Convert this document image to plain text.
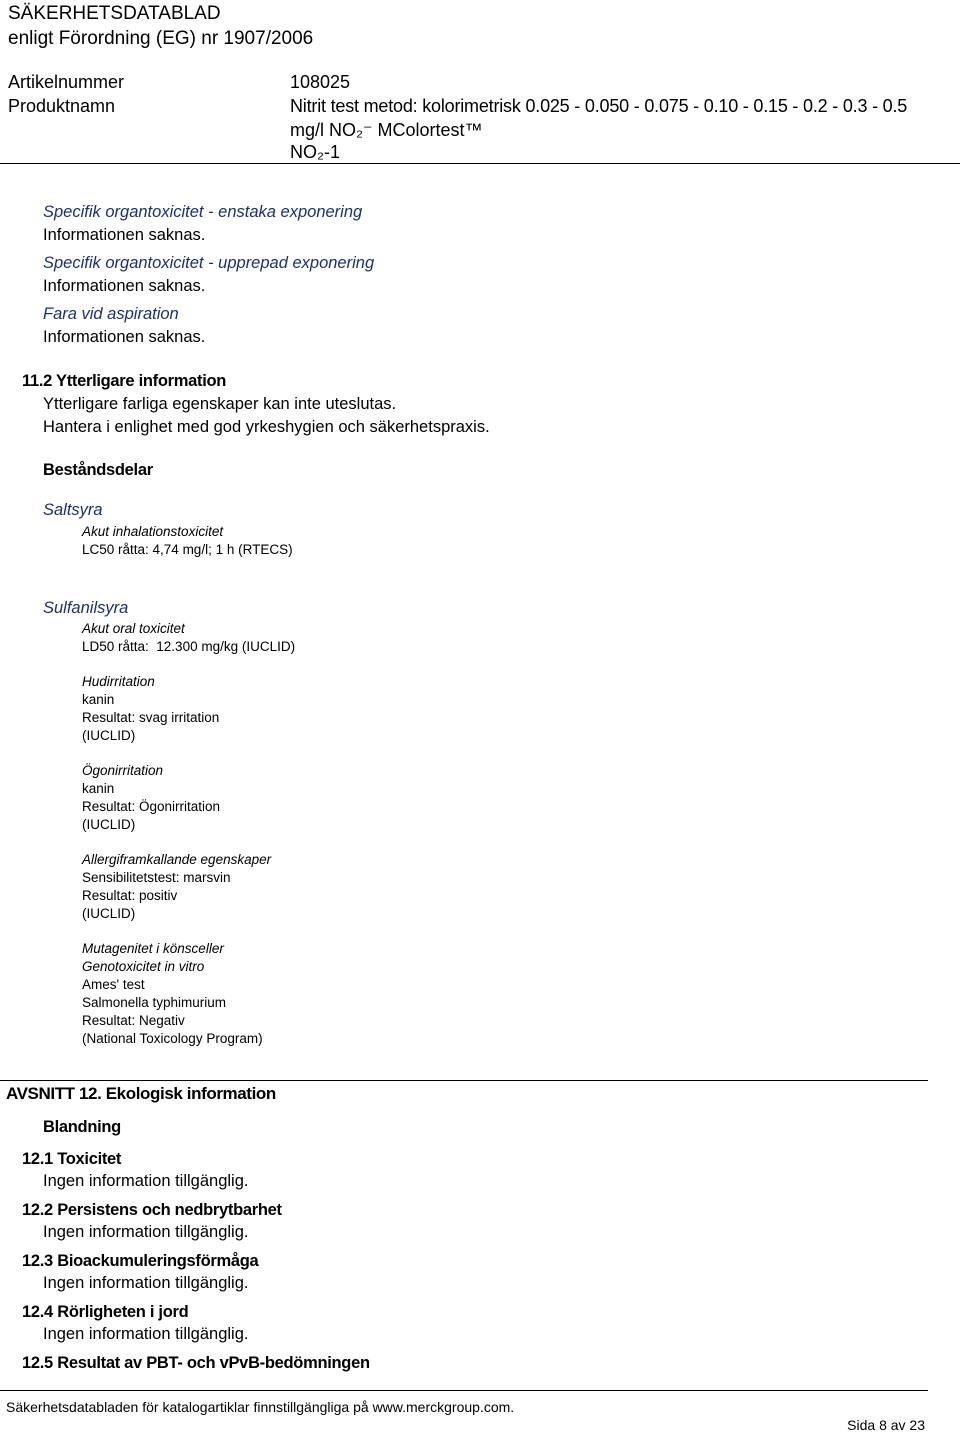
SÄKERHETSDATABLAD
enligt Förordning (EG) nr 1907/2006
Artikelnummer	108025
Produktnamn	Nitrit test metod: kolorimetrisk 0.025 - 0.050 - 0.075 - 0.10 - 0.15 - 0.2 - 0.3 - 0.5
mg/l NO₂⁻ MColortest™
NO₂-1
Specifik organtoxicitet - enstaka exponering
Informationen saknas.
Specifik organtoxicitet - upprepad exponering
Informationen saknas.
Fara vid aspiration
Informationen saknas.
11.2 Ytterligare information
Ytterligare farliga egenskaper kan inte uteslutas.
Hantera i enlighet med god yrkeshygien och säkerhetspraxis.
Beståndsdelar
Saltsyra
Akut inhalationstoxicitet
LC50 råtta: 4,74 mg/l; 1 h (RTECS)
Sulfanilsyra
Akut oral toxicitet
LD50 råtta:  12.300 mg/kg (IUCLID)
Hudirritation
kanin
Resultat: svag irritation
(IUCLID)
Ögonirritation
kanin
Resultat: Ögonirritation
(IUCLID)
Allergiframkallande egenskaper
Sensibilitetstest: marsvin
Resultat: positiv
(IUCLID)
Mutagenitet i könsceller
Genotoxicitet in vitro
Ames' test
Salmonella typhimurium
Resultat: Negativ
(National Toxicology Program)
AVSNITT 12. Ekologisk information
Blandning
12.1 Toxicitet
Ingen information tillgänglig.
12.2 Persistens och nedbrytbarhet
Ingen information tillgänglig.
12.3 Bioackumuleringsförmåga
Ingen information tillgänglig.
12.4 Rörligheten i jord
Ingen information tillgänglig.
12.5 Resultat av PBT- och vPvB-bedömningen
Säkerhetsdatabladen för katalogartiklar finnstillgängliga på www.merckgroup.com.
Sida 8 av 23
